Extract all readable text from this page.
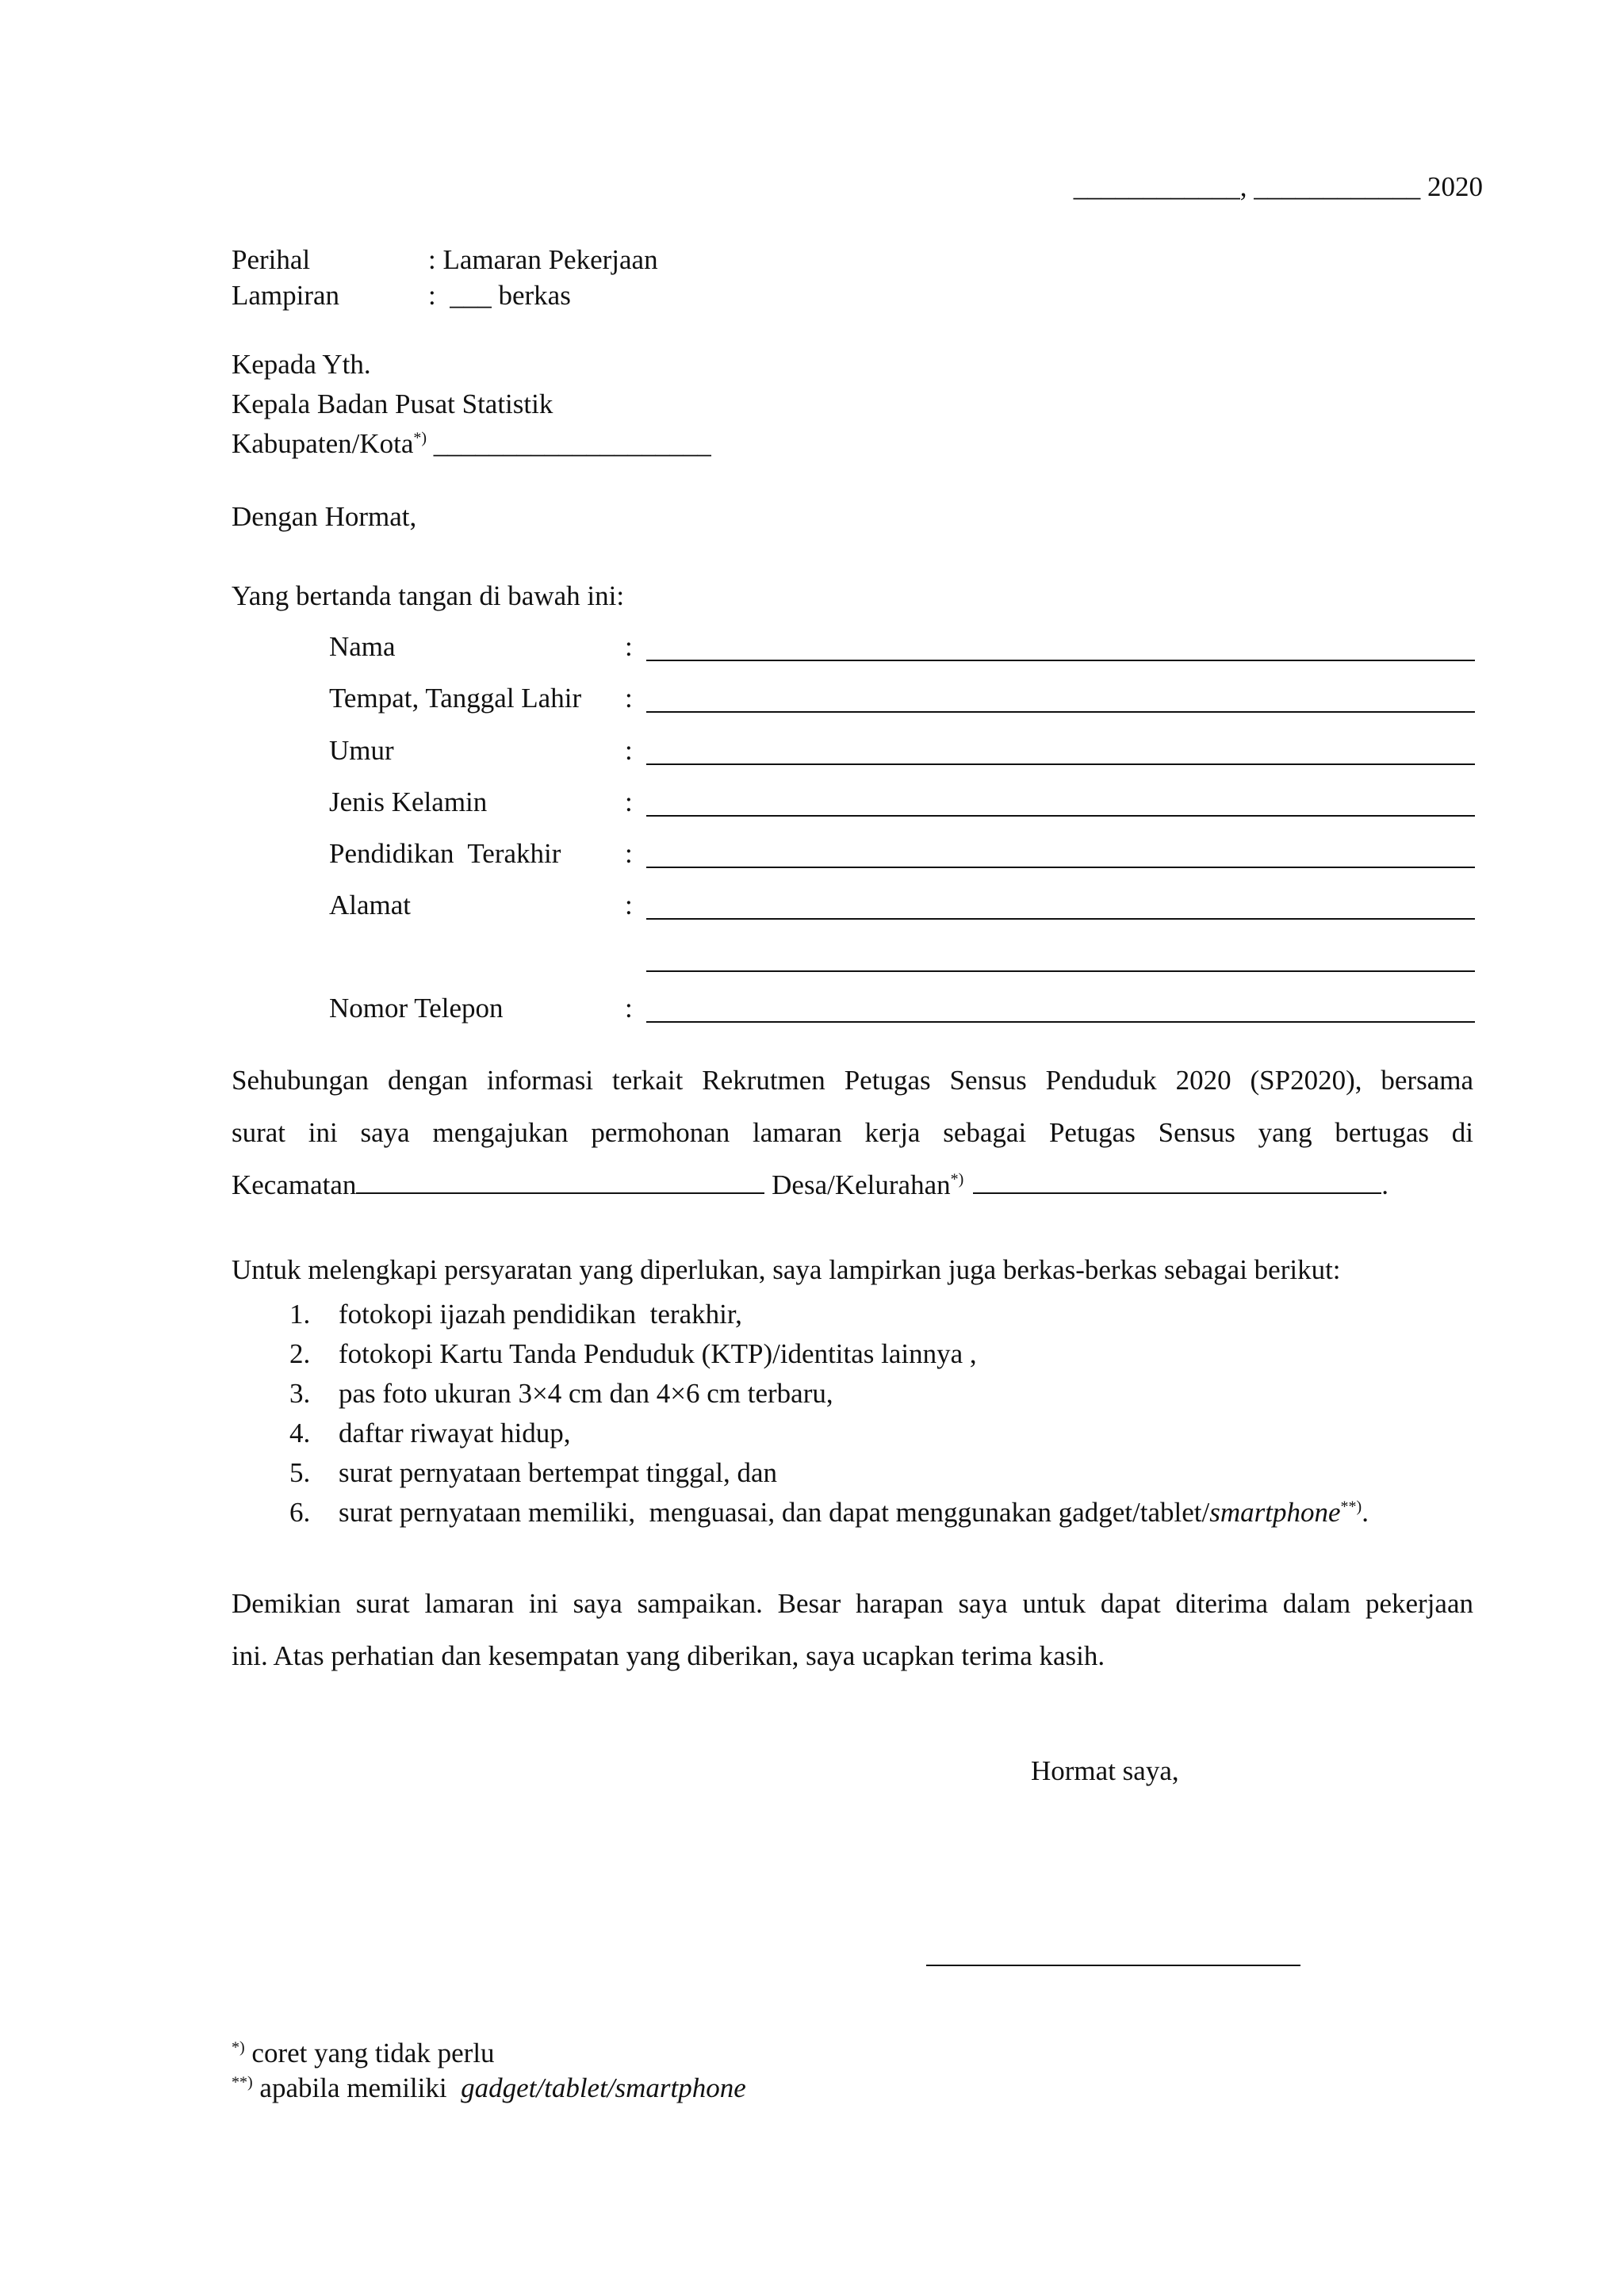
____________, ____________ 2020
Perihal	: Lamaran Pekerjaan
Lampiran	:  ___ berkas
Kepada Yth.
Kepala Badan Pusat Statistik
Kabupaten/Kota*) ____________________
Dengan Hormat,
Yang bertanda tangan di bawah ini:
Nama	:
Tempat, Tanggal Lahir :
Umur	:
Jenis Kelamin	:
Pendidikan  Terakhir :
Alamat	:
Nomor Telepon	:
Sehubungan dengan informasi terkait Rekrutmen Petugas Sensus Penduduk 2020 (SP2020), bersama
surat ini saya mengajukan permohonan lamaran kerja sebagai Petugas Sensus yang bertugas di
Kecamatan	Desa/Kelurahan*)	.
Untuk melengkapi persyaratan yang diperlukan, saya lampirkan juga berkas-berkas sebagai berikut:
1. fotokopi ijazah pendidikan  terakhir,
2. fotokopi Kartu Tanda Penduduk (KTP)/identitas lainnya ,
3. pas foto ukuran 3×4 cm dan 4×6 cm terbaru,
4. daftar riwayat hidup,
5. surat pernyataan bertempat tinggal, dan
6. surat pernyataan memiliki,  menguasai, dan dapat menggunakan gadget/tablet/smartphone**).
Demikian surat lamaran ini saya sampaikan. Besar harapan saya untuk dapat diterima dalam pekerjaan
ini. Atas perhatian dan kesempatan yang diberikan, saya ucapkan terima kasih.
Hormat saya,
*) coret yang tidak perlu
**) apabila memiliki  gadget/tablet/smartphone
